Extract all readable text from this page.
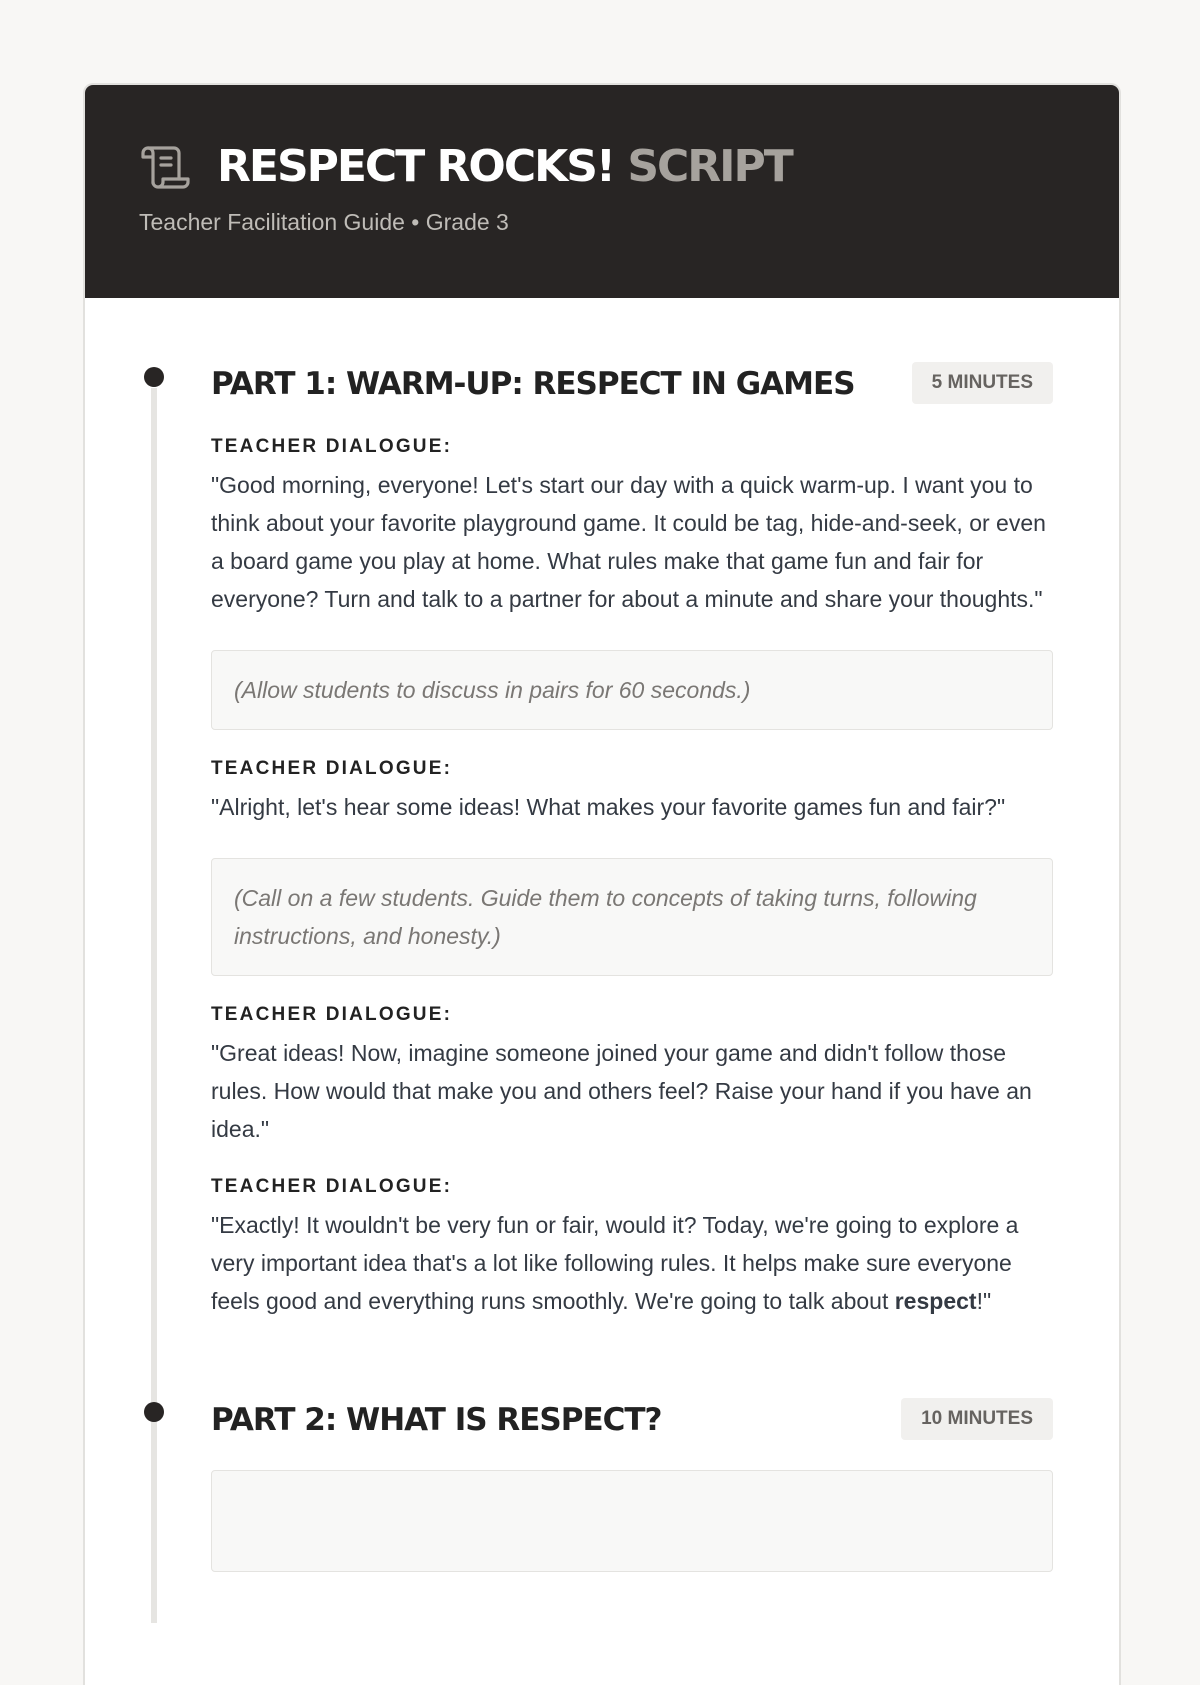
RESPECT ROCKS! SCRIPT
Teacher Facilitation Guide • Grade 3
PART 1: WARM-UP: RESPECT IN GAMES	5 MINUTES
TEACHER DIALOGUE:
"Good morning, everyone! Let's start our day with a quick warm-up. I want you to think about your favorite playground game. It could be tag, hide-and-seek, or even a board game you play at home. What rules make that game fun and fair for everyone? Turn and talk to a partner for about a minute and share your thoughts."
(Allow students to discuss in pairs for 60 seconds.)
TEACHER DIALOGUE:
"Alright, let's hear some ideas! What makes your favorite games fun and fair?"
(Call on a few students. Guide them to concepts of taking turns, following instructions, and honesty.)
TEACHER DIALOGUE:
"Great ideas! Now, imagine someone joined your game and didn't follow those rules. How would that make you and others feel? Raise your hand if you have an idea."
TEACHER DIALOGUE:
"Exactly! It wouldn't be very fun or fair, would it? Today, we're going to explore a very important idea that's a lot like following rules. It helps make sure everyone feels good and everything runs smoothly. We're going to talk about respect!"
PART 2: WHAT IS RESPECT?	10 MINUTES
